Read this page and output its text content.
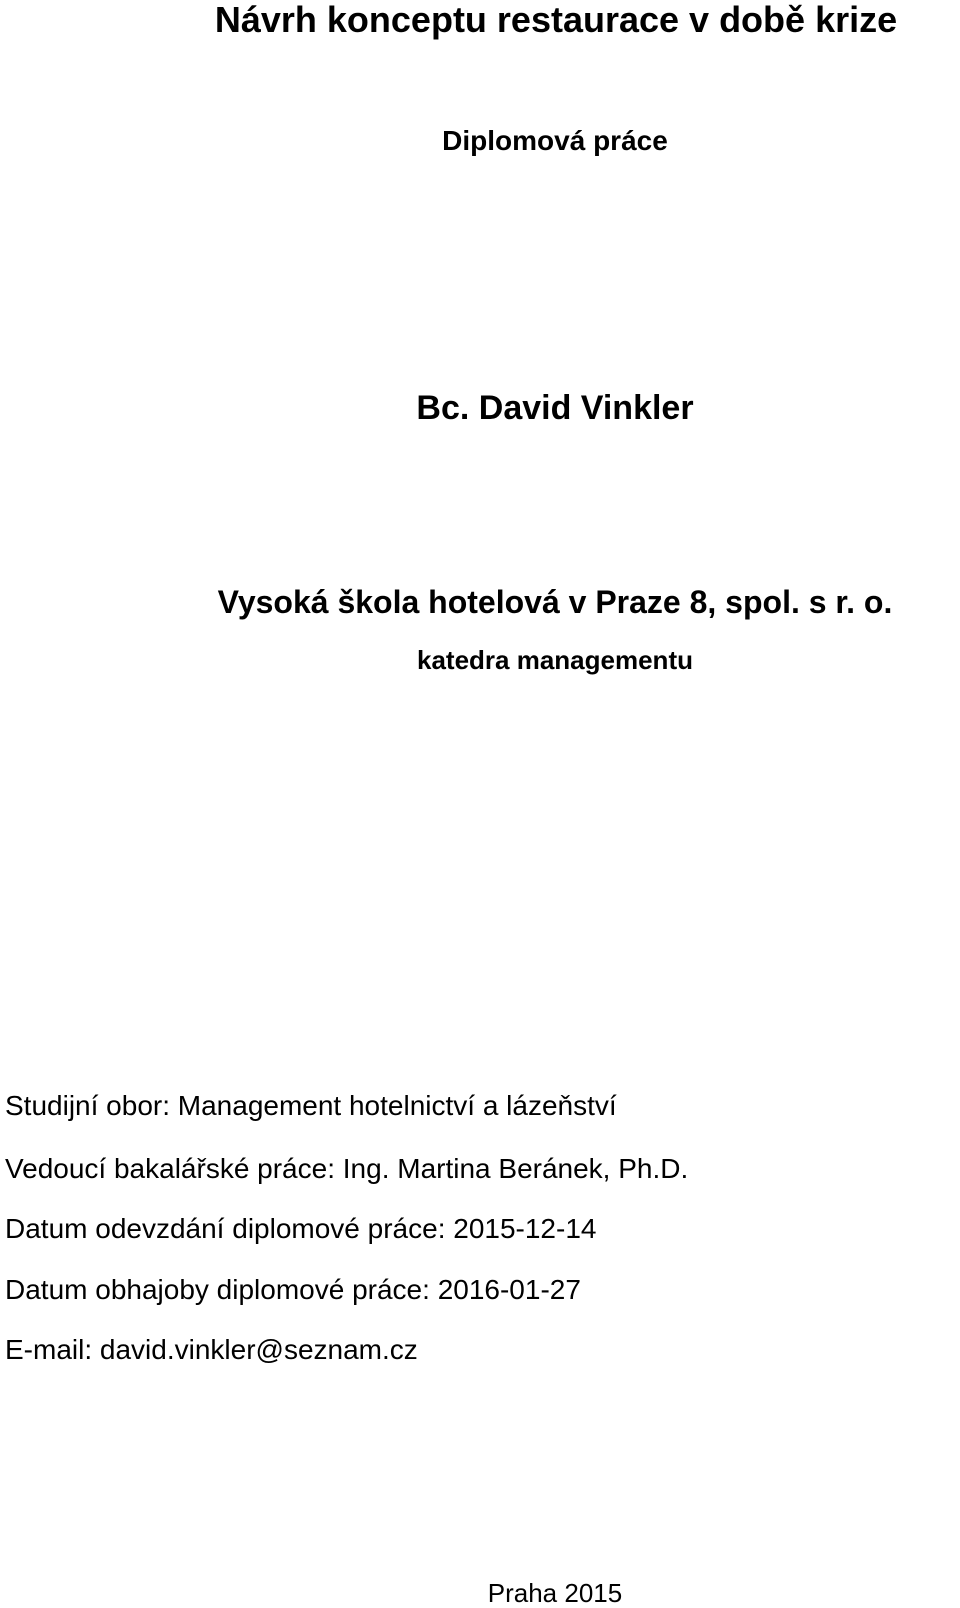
Návrh konceptu restaurace v době krize
Diplomová práce
Bc. David Vinkler
Vysoká škola hotelová v Praze 8, spol. s r. o.
katedra managementu
Studijní obor: Management hotelnictví a lázeňství
Vedoucí bakalářské práce: Ing. Martina Beránek, Ph.D.
Datum odevzdání diplomové práce: 2015-12-14
Datum obhajoby diplomové práce: 2016-01-27
E-mail: david.vinkler@seznam.cz
Praha 2015
